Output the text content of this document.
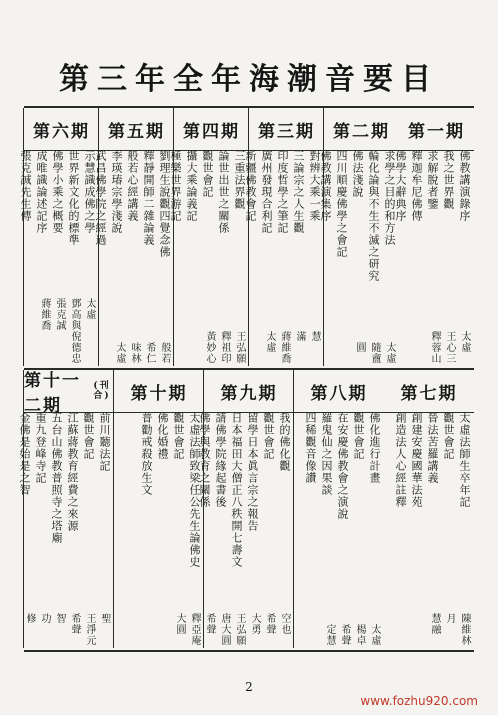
第三年全年海潮音要目
第一期
第二期
第三期
第四期
第五期
第六期
佛教講演錄序
我之世界觀
求解脫者鑒
釋迦牟尼佛傳
佛學大辭典序
太虛
王心三
釋蓉山
求學之目的和方法
輪化論與不生不滅之研究
佛法淺說
四川順慶佛學之會記
佛教講演集序
太虛
隨盦
圓
對辨大乘一乘
三論宗之人生觀
印度哲學之筆記
廣州發現合利記
新疆佛教會記
慧
滿
蔣維喬
太虛
三重法界觀
論世出世之關係
觀世會記
攝大乘論義記
極樂世界游記
王弘願
釋祖印
黃妙心
劉理生說觀四覺念佛
釋靜開師二雜論義
般若心經講義
李瑛瑃宗學淺說
武昌佛學院之經過
般若
希仁
味林
太虛
示慧識成佛之學
世界新文化的標準
佛學小乘之概要
成唯識論述記序
張克誠先生傳
太虛
鄧高與倪德忠
張克誠
蔣維喬
第七期
第八期
第九期
第十期
第十一二期
(刊合)
太虛法師生卒年記
觀世會記
晉法苦羅講義
創建安慶國華法苑
創造法人心經註釋
陳維林
月
慧融
佛化進行計畫
觀世會記
在安慶佛教會之演說
羅鬼仙之因果談
四稀觀音像讚
太虛
楊卓
希聲
定慧
我的佛化觀
觀世會記
留學日本眞言宗之報告
日本福田大僧正八秩開七壽文
請佛學院緣起書後
佛學與教育之關係
空也
希聲
大勇
王弘願
唐大圓
希聲
太虛法師致梁任公先生論佛史
觀世會記
佛化婚禮
普勸戒殺放生文
釋亞庵
大圓
前川聽法記
觀世會記
江蘇蔣教育經費之來源
五台山佛教普照寺之塔廟
重九登峰寺記
金佛是始是之智
聖
王淨元
希聲
智
功
修
2
www.fozhu920.com
